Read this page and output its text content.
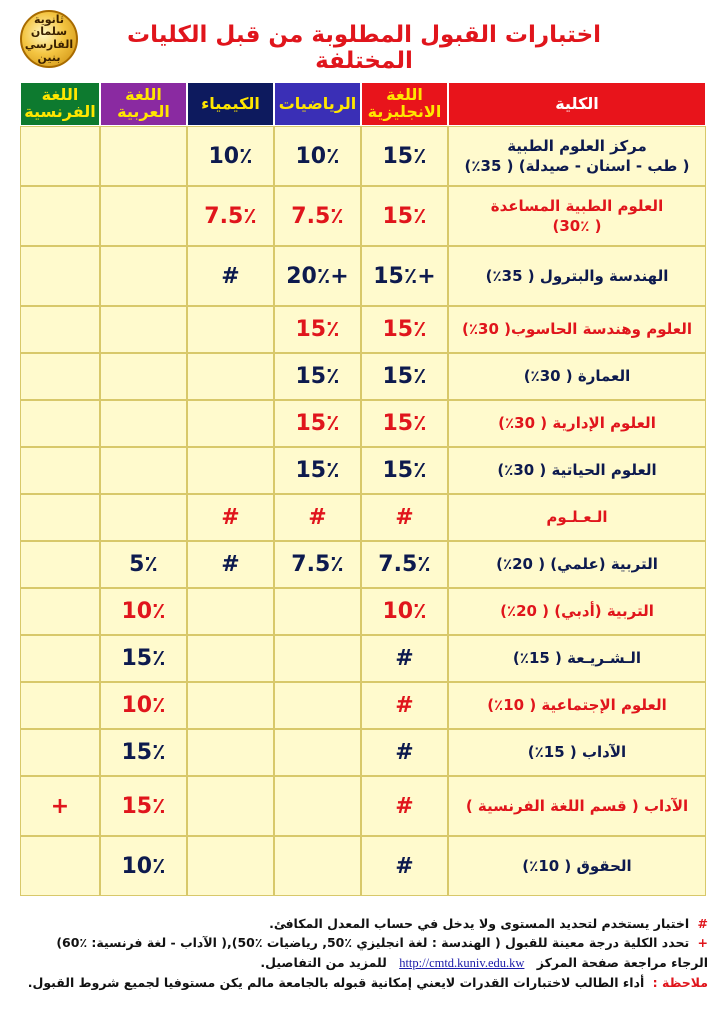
ثانوية سلمان الفارسي بنين
اختبارات القبول المطلوبة من قبل الكليات المختلفة
الكلية	اللغة الانجليزية	الرياضيات	الكيمياء	اللغة العربية	اللغة الفرنسية

مركز العلوم الطبية
( طب - اسنان - صيدلة) ( 35٪)	15٪	10٪	10٪		

العلوم الطبية المساعدة
( 30٪)	15٪	7.5٪	7.5٪		
الهندسة والبترول ( 35٪)	15٪+	20٪+	#		
العلوم وهندسة الحاسوب( 30٪)	15٪	15٪			
العمارة ( 30٪)	15٪	15٪			
العلوم الإدارية ( 30٪)	15٪	15٪			
العلوم الحياتية ( 30٪)	15٪	15٪			
الـعـلـوم	#	#	#		
التربية (علمي) ( 20٪)	7.5٪	7.5٪	#	5٪	
التربية (أدبي) ( 20٪)	10٪			10٪	
الـشـريـعة ( 15٪)	#			15٪	
العلوم الإجتماعية ( 10٪)	#			10٪	
الآداب ( 15٪)	#			15٪	
الآداب ( قسم اللغة الفرنسية )	#			15٪	+
الحقوق ( 10٪)	#			10٪	
# اختبار يستخدم لتحديد المستوى ولا يدخل في حساب المعدل المكافئ.
+ تحدد الكلية درجة معينة للقبول ( الهندسة : لغة انجليزي ٪50, رياضيات ٪50),( الآداب - لغة فرنسية: ٪60)
الرجاء مراجعة صفحة المركز http://cmtd.kuniv.edu.kw للمزيد من التفاصيل.
ملاحظة : أداء الطالب لاختبارات القدرات لايعني إمكانية قبوله بالجامعة مالم يكن مستوفيا لجميع شروط القبول.
